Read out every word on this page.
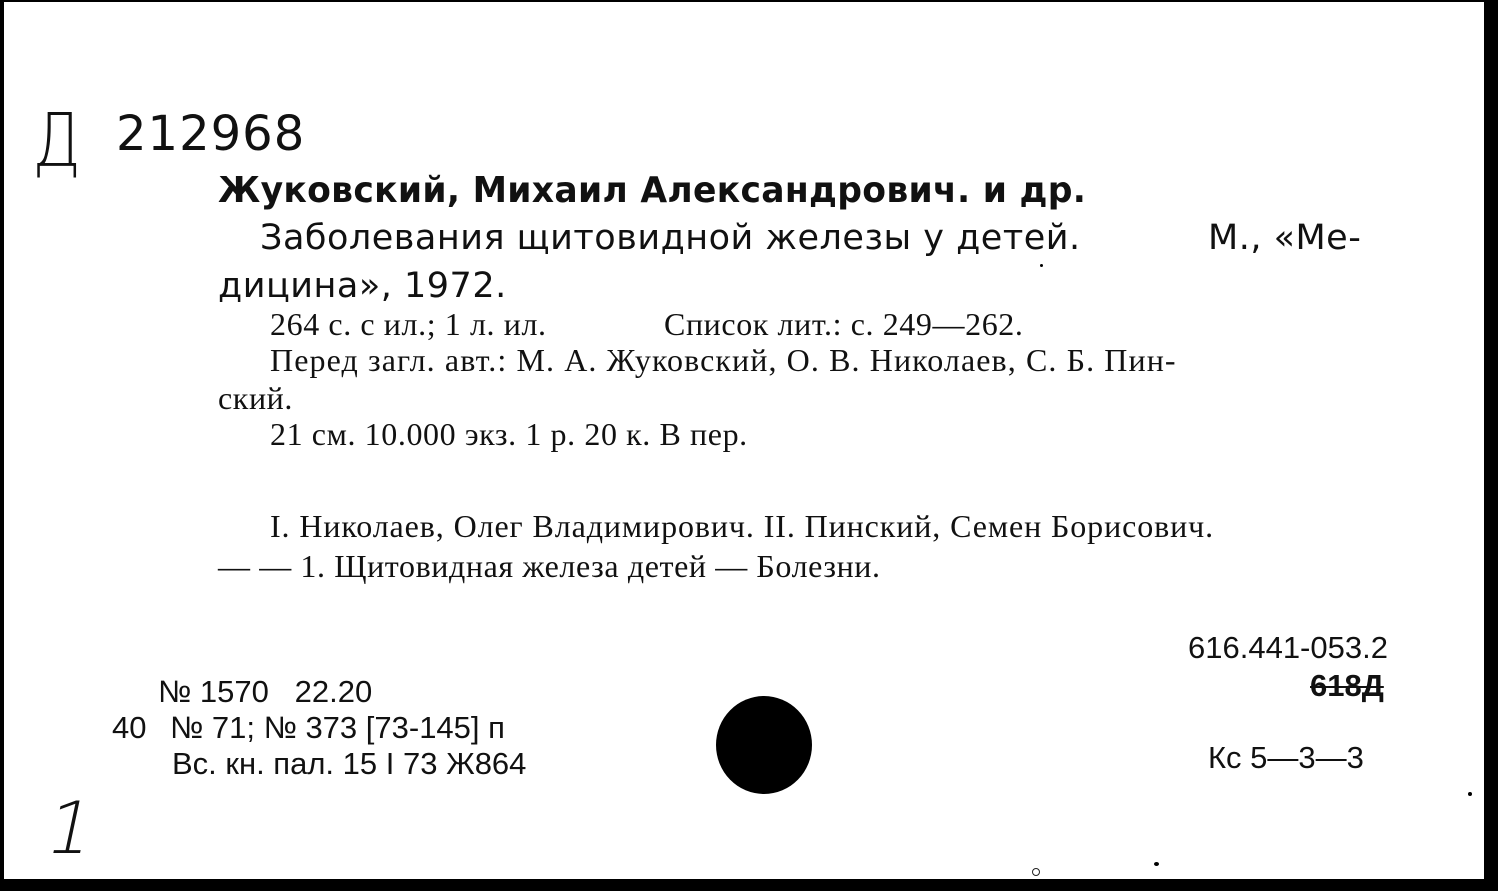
Д 212968
Жуковский, Михаил Александрович. и др.
Заболевания щитовидной железы у детей.	М., «Ме-
дицина», 1972.
264 с. с ил.; 1 л. ил.	Список лит.: с. 249—262.
Перед загл. авт.: М. А. Жуковский, О. В. Николаев, С. Б. Пин-
ский.
21 см. 10.000 экз. 1 р. 20 к. В пер.
I. Николаев, Олег Владимирович. II. Пинский, Семен Борисович.
— — 1. Щитовидная железа детей — Болезни.
616.441-053.2
618Д
№ 1570   22.20
40 № 71; № 373 [73-145] п
Вс. кн. пал. 15 I 73 Ж864	Кс 5—3—3
1
